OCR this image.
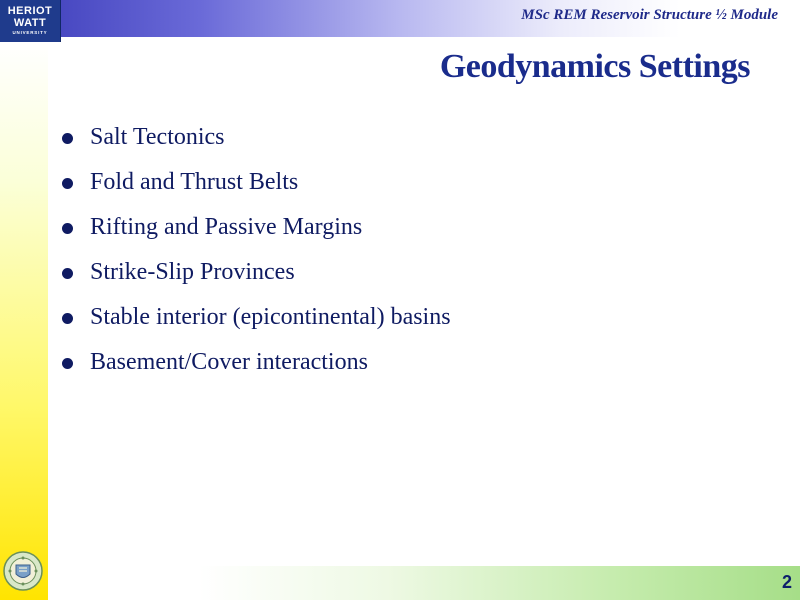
HERIOT
WATT
UNIVERSITY
MSc REM Reservoir Structure ½ Module
2
Geodynamics Settings
Salt Tectonics
Fold and Thrust Belts
Rifting and Passive Margins
Strike-Slip Provinces
Stable interior (epicontinental) basins
Basement/Cover interactions
